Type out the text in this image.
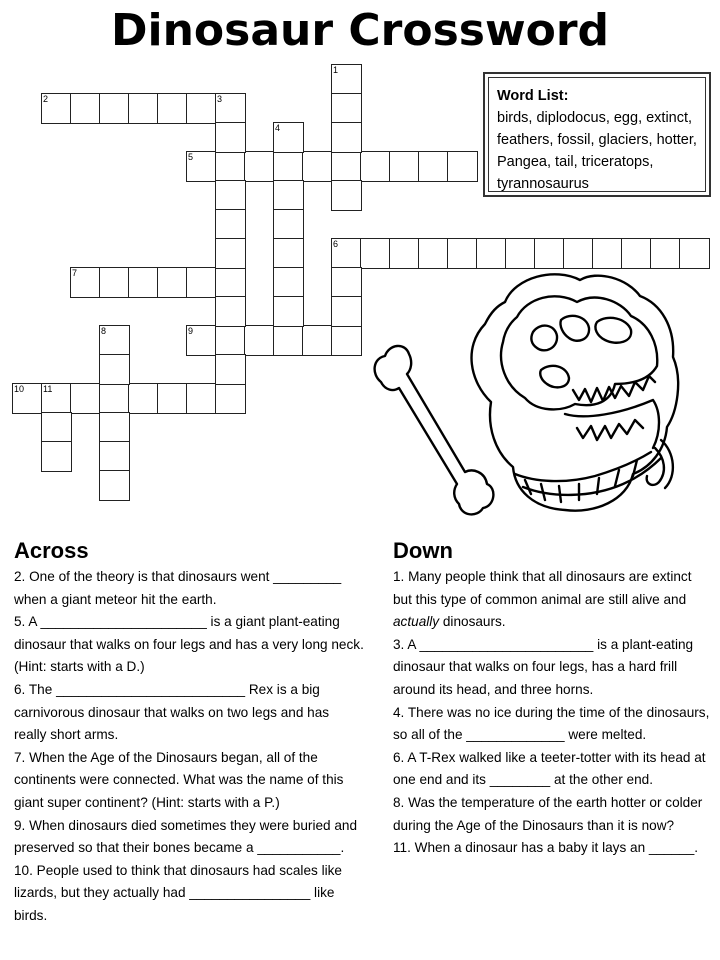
Dinosaur Crossword
1
2	3
4
5
6
7
8	9
10 11
Word List:
birds, diplodocus, egg, extinct, feathers, fossil, glaciers, hotter, Pangea, tail, triceratops, tyrannosaurus
Across
2. One of the theory is that dinosaurs went _________ when a giant meteor hit the earth.
5. A ______________________ is a giant plant-eating dinosaur that walks on four legs and has a very long neck. (Hint: starts with a D.)
6. The _________________________ Rex is a big carnivorous dinosaur that walks on two legs and has really short arms.
7. When the Age of the Dinosaurs began, all of the continents were connected. What was the name of this giant super continent? (Hint: starts with a P.)
9. When dinosaurs died sometimes they were buried and preserved so that their bones became a ___________.
10. People used to think that dinosaurs had scales like lizards, but they actually had ________________ like birds.
Down
1. Many people think that all dinosaurs are extinct but this type of common animal are still alive and actually dinosaurs.
3. A _______________________ is a plant-eating dinosaur that walks on four legs, has a hard frill around its head, and three horns.
4. There was no ice during the time of the dinosaurs, so all of the _____________ were melted.
6. A T-Rex walked like a teeter-totter with its head at one end and its ________ at the other end.
8. Was the temperature of the earth hotter or colder during the Age of the Dinosaurs than it is now?
11. When a dinosaur has a baby it lays an ______.
